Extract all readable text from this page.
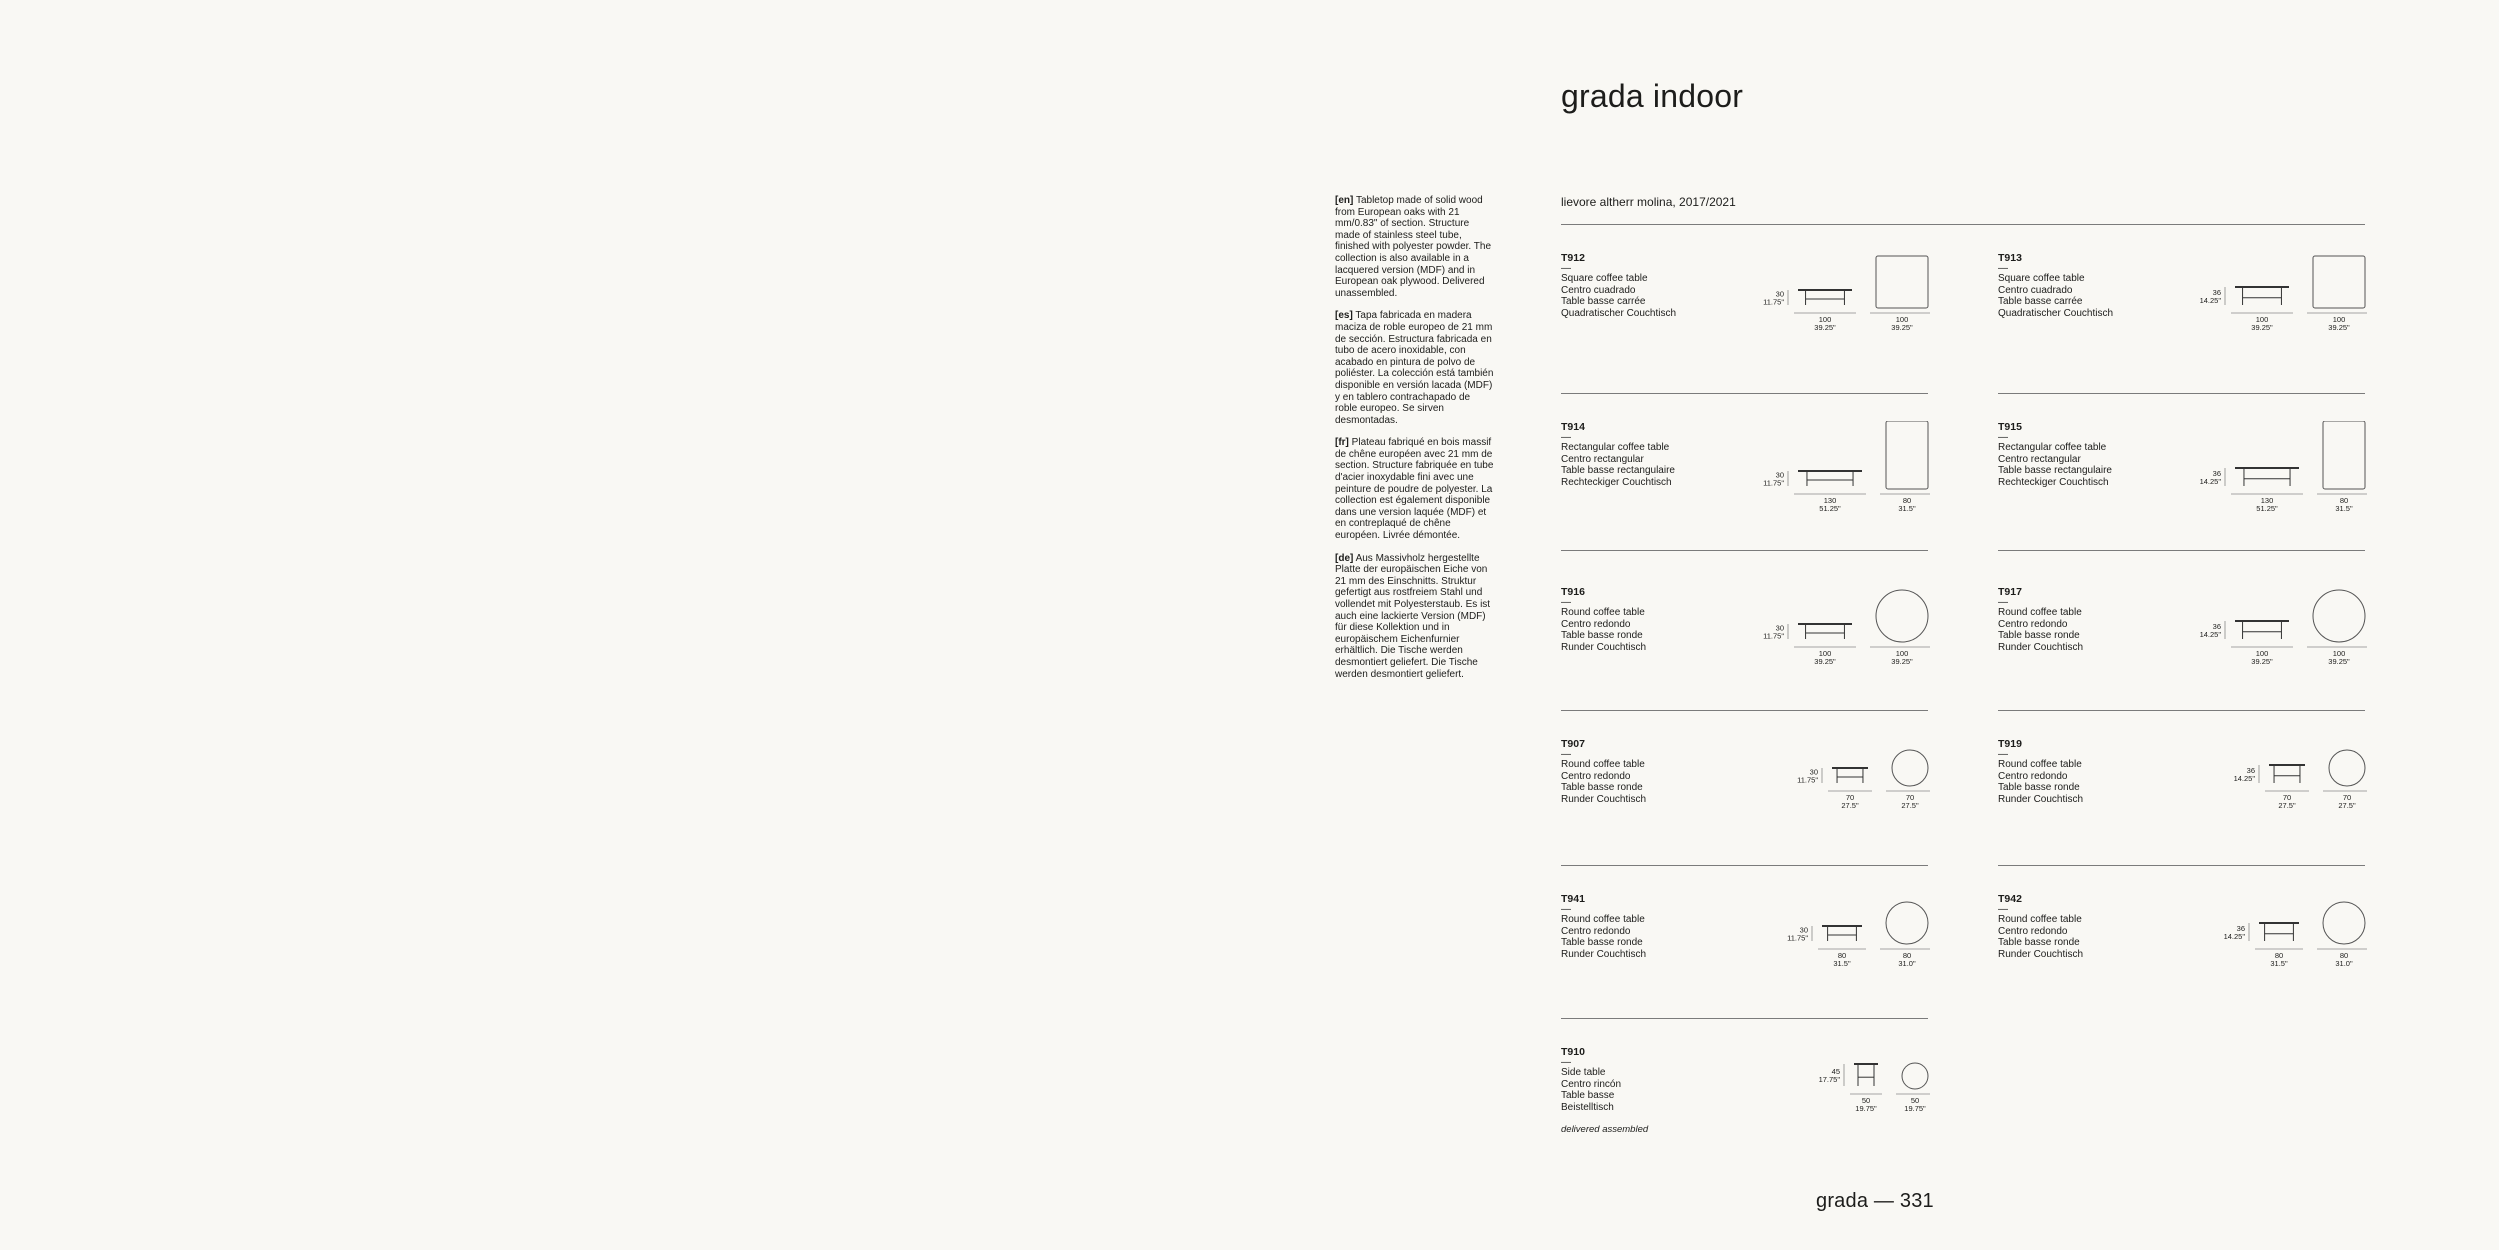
grada indoor
lievore altherr molina, 2017/2021

[en] Tabletop made of solid wood from European oaks with 21 mm/0.83" of section. Structure made of stainless steel tube, finished with polyester powder. The collection is also available in a lacquered version (MDF) and in European oak plywood. Delivered unassembled.

[es] Tapa fabricada en madera maciza de roble europeo de 21 mm de sección. Estructura fabricada en tubo de acero inoxidable, con acabado en pintura de polvo de poliéster. La colección está también disponible en versión lacada (MDF) y en tablero contrachapado de roble europeo. Se sirven desmontadas.

[fr] Plateau fabriqué en bois massif de chêne européen avec 21 mm de section. Structure fabriquée en tube d'acier inoxydable fini avec une peinture de poudre de polyester. La collection est également disponible dans une version laquée (MDF) et en contreplaqué de chêne européen. Livrée démontée.

[de] Aus Massivholz hergestellte Platte der europäischen Eiche von 21 mm des Einschnitts. Struktur gefertigt aus rostfreiem Stahl und vollendet mit Polyesterstaub. Es ist auch eine lackierte Version (MDF) für diese Kollektion und in europäischem Eichenfurnier erhältlich. Die Tische werden desmontiert geliefert. Die Tische werden desmontiert geliefert.

T912
—
Square coffee table
Centro cuadrado
Table basse carrée
Quadratischer Couchtisch
100
39.25"
30
11.75"
100
39.25"
T913
—
Square coffee table
Centro cuadrado
Table basse carrée
Quadratischer Couchtisch
100
39.25"
36
14.25"
100
39.25"
T914
—
Rectangular coffee table
Centro rectangular
Table basse rectangulaire
Rechteckiger Couchtisch
80
31.5"
30
11.75"
130
51.25"
T915
—
Rectangular coffee table
Centro rectangular
Table basse rectangulaire
Rechteckiger Couchtisch
80
31.5"
36
14.25"
130
51.25"
T916
—
Round coffee table
Centro redondo
Table basse ronde
Runder Couchtisch
100
39.25"
30
11.75"
100
39.25"
T917
—
Round coffee table
Centro redondo
Table basse ronde
Runder Couchtisch
100
39.25"
36
14.25"
100
39.25"
T907
—
Round coffee table
Centro redondo
Table basse ronde
Runder Couchtisch	70
27.5"
30
11.75"
70
27.5"
T919
—
Round coffee table
Centro redondo
Table basse ronde
Runder Couchtisch	70
27.5"
36
14.25"
70
27.5"
T941
—
Round coffee table
Centro redondo
Table basse ronde
Runder Couchtisch	80
31.0"
30
11.75"
80
31.5"
T942
—
Round coffee table
Centro redondo
Table basse ronde
Runder Couchtisch	80
31.0"
36
14.25"
80
31.5"
T910
—
Side table
Centro rincón
Table basse
Beistelltisch
delivered assembled
50
19.75"
45
17.75"
50
19.75"
grada — 331
